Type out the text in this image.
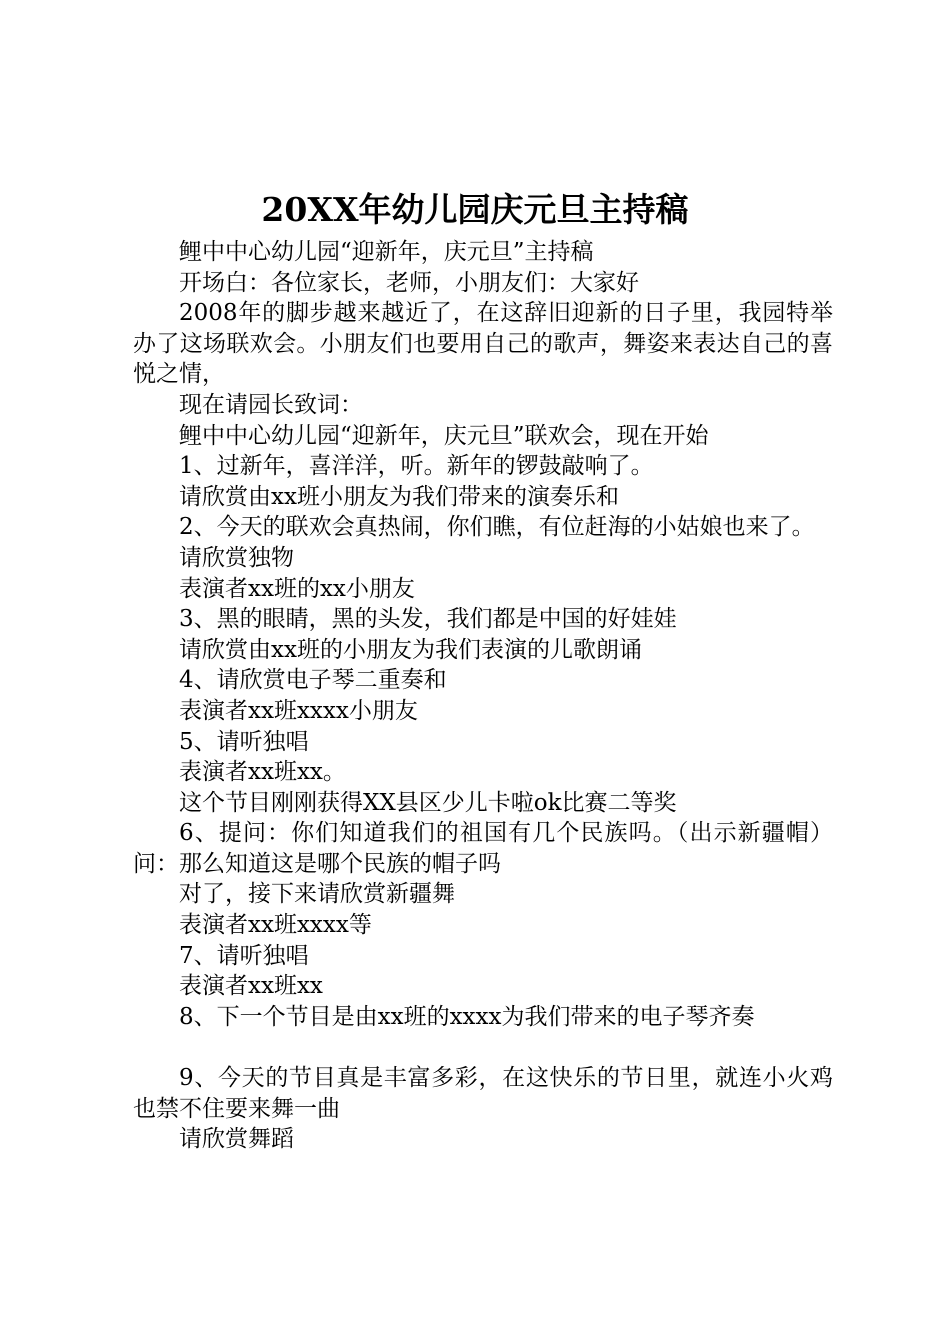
20XX年幼儿园庆元旦主持稿

鲤中中心幼儿园“迎新年，庆元旦”主持稿

开场白：各位家长，老师，小朋友们：大家好

2008年的脚步越来越近了，在这辞旧迎新的日子里，我园特举办了这场联欢会。小朋友们也要用自己的歌声，舞姿来表达自己的喜悦之情，

现在请园长致词：

鲤中中心幼儿园“迎新年，庆元旦”联欢会，现在开始

1、过新年，喜洋洋，听。新年的锣鼓敲响了。

请欣赏由xx班小朋友为我们带来的演奏乐和

2、今天的联欢会真热闹，你们瞧，有位赶海的小姑娘也来了。

请欣赏独物

表演者xx班的xx小朋友

3、黑的眼睛，黑的头发，我们都是中国的好娃娃

请欣赏由xx班的小朋友为我们表演的儿歌朗诵

4、请欣赏电子琴二重奏和

表演者xx班xxxx小朋友

5、请听独唱

表演者xx班xx。

这个节目刚刚获得XX县区少儿卡啦ok比赛二等奖

6、提问：你们知道我们的祖国有几个民族吗。（出示新疆帽）问：那么知道这是哪个民族的帽子吗

对了，接下来请欣赏新疆舞

表演者xx班xxxx等

7、请听独唱

表演者xx班xx

8、下一个节目是由xx班的xxxx为我们带来的电子琴齐奏

9、今天的节目真是丰富多彩，在这快乐的节日里，就连小火鸡也禁不住要来舞一曲

请欣赏舞蹈
